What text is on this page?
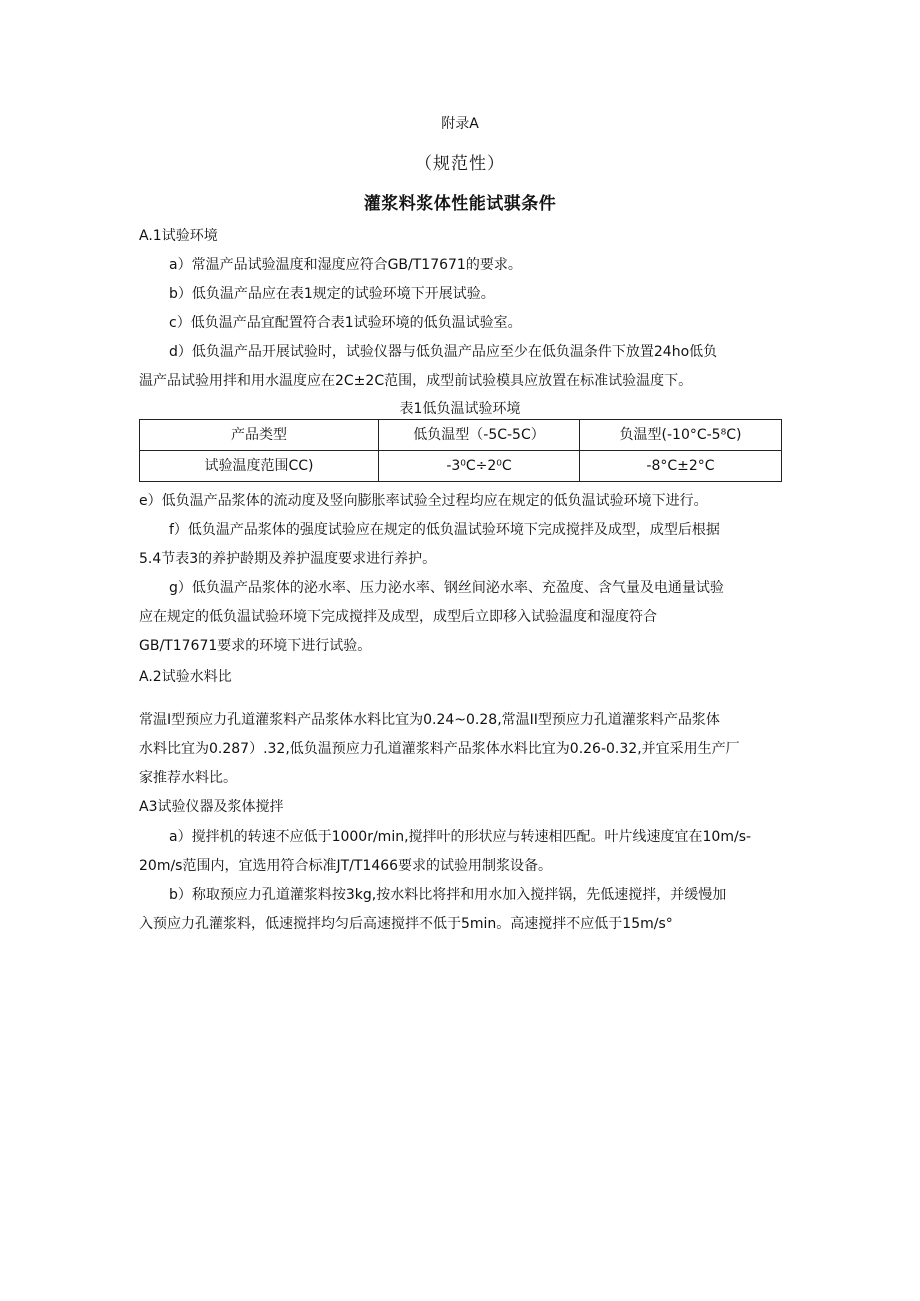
附录A
（规范性）
灌浆料浆体性能试骐条件
A.1试验环境
a）常温产品试验温度和湿度应符合GB/T17671的要求。
b）低负温产品应在表1规定的试验环境下开展试验。
c）低负温产品宜配置符合表1试验环境的低负温试验室。
d）低负温产品开展试验时，试验仪器与低负温产品应至少在低负温条件下放置24ho低负
温产品试验用拌和用水温度应在2C±2C范围，成型前试验模具应放置在标准试验温度下。
表1低负温试验环境
产品类型	低负温型（-5C-5C）	负温型(-10°C-5⁸C)
试验温度范围CC)	-3⁰C÷2⁰C	-8°C±2°C
e）低负温产品浆体的流动度及竖向膨胀率试验全过程均应在规定的低负温试验环境下进行。
f）低负温产品浆体的强度试验应在规定的低负温试验环境下完成搅拌及成型，成型后根据
5.4节表3的养护龄期及养护温度要求进行养护。
g）低负温产品浆体的泌水率、压力泌水率、钢丝间泌水率、充盈度、含气量及电通量试验
应在规定的低负温试验环境下完成搅拌及成型，成型后立即移入试验温度和湿度符合
GB/T17671要求的环境下进行试验。
A.2试验水料比
常温I型预应力孔道灌浆料产品浆体水料比宜为0.24~0.28,常温II型预应力孔道灌浆料产品浆体
水料比宜为0.287）.32,低负温预应力孔道灌浆料产品浆体水料比宜为0.26-0.32,并宜采用生产厂
家推荐水料比。
A3试验仪器及浆体搅拌
a）搅拌机的转速不应低于1000r∕min,搅拌叶的形状应与转速相匹配。叶片线速度宜在10m∕s-
20m∕s范围内，宜选用符合标准JT/T1466要求的试验用制浆设备。
b）称取预应力孔道灌浆料按3kg,按水料比将拌和用水加入搅拌锅，先低速搅拌，并缓慢加
入预应力孔灌浆料，低速搅拌均匀后高速搅拌不低于5min。高速搅拌不应低于15m∕s°
